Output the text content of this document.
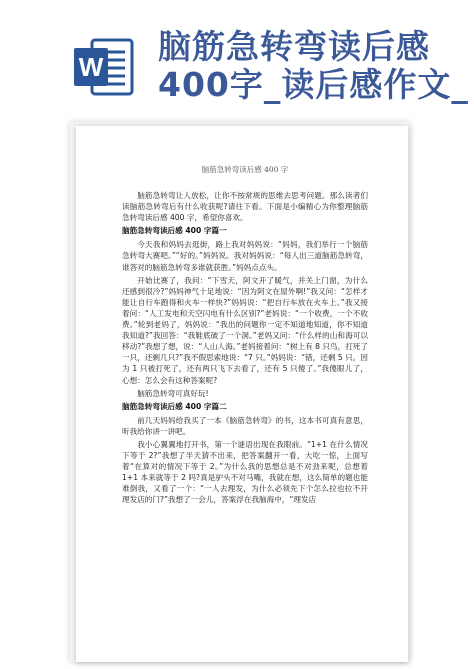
W
脑筋急转弯读后感
400字_读后感作文_
脑筋急转弯读后感 400 字

脑筋急转弯让人放松，让你不按常规的思维去思考问题。那么读者们读脑筋急转弯后有什么收获呢?请往下看。下面是小编精心为你整理脑筋急转弯读后感 400 字，希望你喜欢。

脑筋急转弯读后感 400 字篇一

今天我和妈妈去逛街，路上我对妈妈说：“妈妈，我们举行一个脑筋急转弯大赛吧。”“好的。”妈妈说。我对妈妈说：“每人出三道脑筋急转弯，谁答对的脑筋急转弯多谁就获胜。”妈妈点点头。

开始比赛了，我问：“下雪天，阿文开了暖气，并关上门窗，为什么还感到很冷?”妈妈神气十足地说：“因为阿文在屋外啊!”我又问：“怎样才能让自行车跑得和火车一样快?”妈妈说：“把自行车放在火车上。”我又接着问：“人工发电和天空闪电有什么区别?”老妈说：“一个收费，一个不收费。”轮到老妈了，妈妈说：“我出的问题你一定不知道地知道，你不知道我知道?”我回答：“我鞋底破了一个洞。”老妈又问：“什么样的山和海可以移动?”我想了想，说：“人山人海。”老妈接着问：“树上有 8 只鸟，打死了一只，还剩几只?”我不假思索地说：“7 只。”妈妈说：“错，还剩 5 只。因为 1 只被打死了，还有两只飞下去看了，还有 5 只傻了。”我傻眼儿了，心想：怎么会有这种答案呢?

脑筋急转弯可真好玩!

脑筋急转弯读后感 400 字篇二

前几天妈妈给我买了一本《脑筋急转弯》的书，这本书可真有意思，听我给你讲一讲吧。

我小心翼翼地打开书，第一个谜语出现在我眼前。“1+1 在什么情况下等于 2?”我想了半天猜不出来，把答案翻开一看，大吃一惊，上面写着“在算对的情况下等于 2。”为什么我的思想总是不对劲来呢，总想着 1+1 本来就等于 2 吗?真是驴头不对马嘴，我就在想，这么简单的题也能难倒我，又看了一个：“一人去理发，为什么必须先下个怎么拉也拉不开理发店的门?”我想了一会儿，答案浮在我脑海中，“理发店
